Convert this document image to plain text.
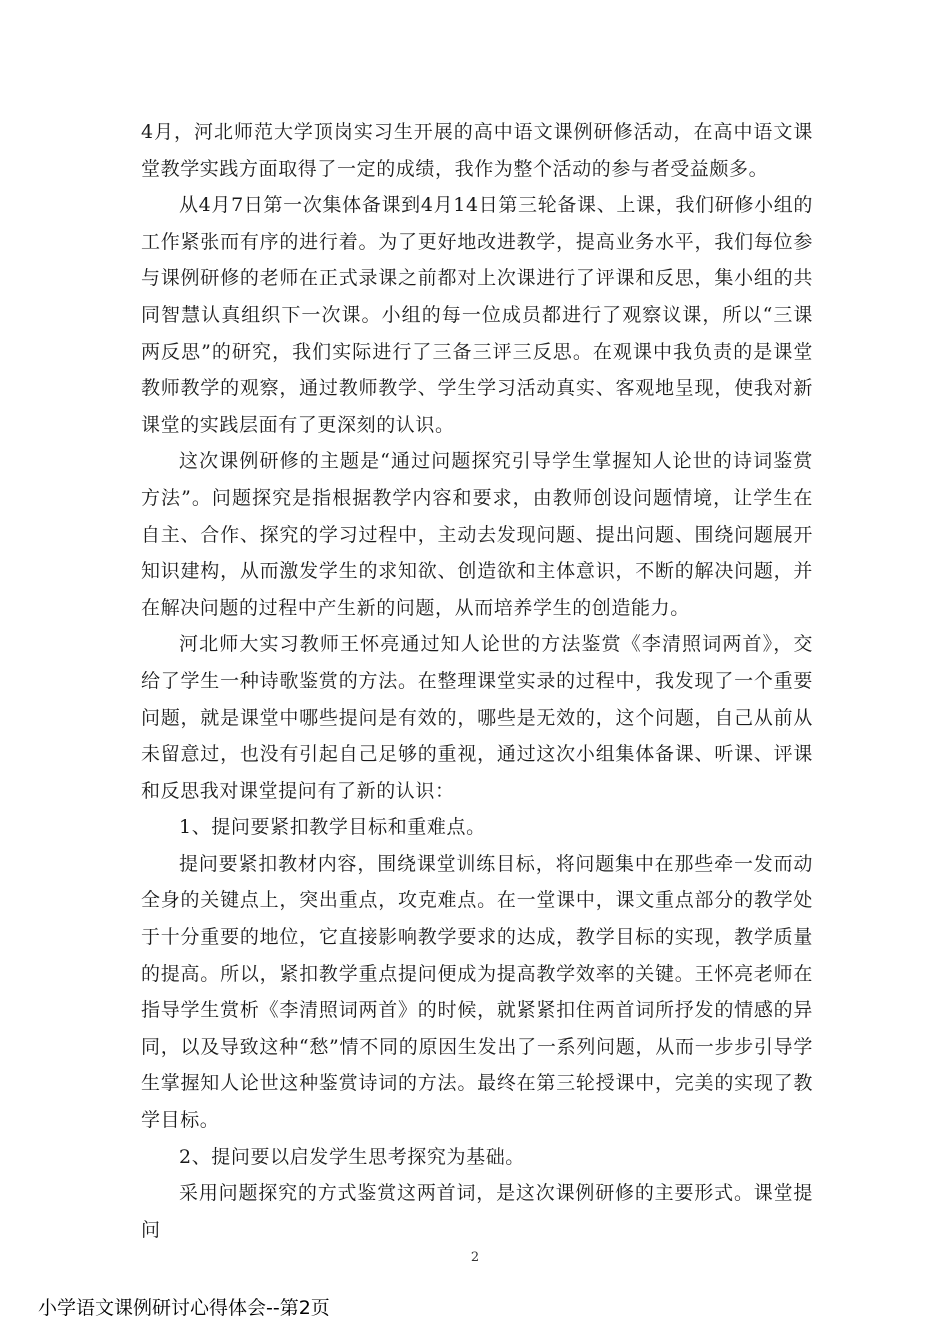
4月，河北师范大学顶岗实习生开展的高中语文课例研修活动，在高中语文课堂教学实践方面取得了一定的成绩，我作为整个活动的参与者受益颇多。

从4月7日第一次集体备课到4月14日第三轮备课、上课，我们研修小组的工作紧张而有序的进行着。为了更好地改进教学，提高业务水平，我们每位参与课例研修的老师在正式录课之前都对上次课进行了评课和反思，集小组的共同智慧认真组织下一次课。小组的每一位成员都进行了观察议课，所以“三课两反思”的研究，我们实际进行了三备三评三反思。在观课中我负责的是课堂教师教学的观察，通过教师教学、学生学习活动真实、客观地呈现，使我对新课堂的实践层面有了更深刻的认识。

这次课例研修的主题是“通过问题探究引导学生掌握知人论世的诗词鉴赏方法”。问题探究是指根据教学内容和要求，由教师创设问题情境，让学生在自主、合作、探究的学习过程中，主动去发现问题、提出问题、围绕问题展开知识建构，从而激发学生的求知欲、创造欲和主体意识，不断的解决问题，并在解决问题的过程中产生新的问题，从而培养学生的创造能力。

河北师大实习教师王怀亮通过知人论世的方法鉴赏《李清照词两首》，交给了学生一种诗歌鉴赏的方法。在整理课堂实录的过程中，我发现了一个重要问题，就是课堂中哪些提问是有效的，哪些是无效的，这个问题，自己从前从未留意过，也没有引起自己足够的重视，通过这次小组集体备课、听课、评课和反思我对课堂提问有了新的认识：

1、提问要紧扣教学目标和重难点。

提问要紧扣教材内容，围绕课堂训练目标，将问题集中在那些牵一发而动全身的关键点上，突出重点，攻克难点。在一堂课中，课文重点部分的教学处于十分重要的地位，它直接影响教学要求的达成，教学目标的实现，教学质量的提高。所以，紧扣教学重点提问便成为提高教学效率的关键。王怀亮老师在指导学生赏析《李清照词两首》的时候，就紧紧扣住两首词所抒发的情感的异同，以及导致这种“愁”情不同的原因生发出了一系列问题，从而一步步引导学生掌握知人论世这种鉴赏诗词的方法。最终在第三轮授课中，完美的实现了教学目标。

2、提问要以启发学生思考探究为基础。

采用问题探究的方式鉴赏这两首词，是这次课例研修的主要形式。课堂提问

2
小学语文课例研讨心得体会--第2页
